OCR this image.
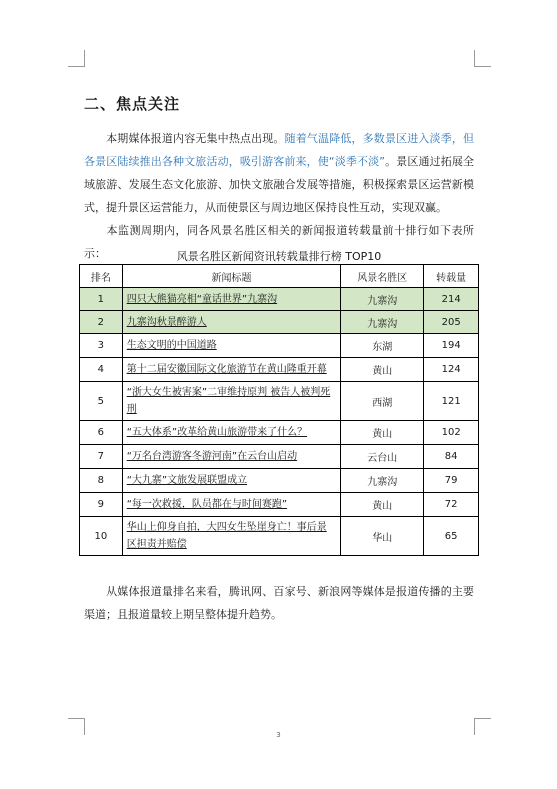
二、焦点关注
本期媒体报道内容无集中热点出现。随着气温降低，多数景区进入淡季，但各景区陆续推出各种文旅活动，吸引游客前来，使“淡季不淡”。景区通过拓展全域旅游、发展生态文化旅游、加快文旅融合发展等措施，积极探索景区运营新模式，提升景区运营能力，从而使景区与周边地区保持良性互动，实现双赢。
本监测周期内，同各风景名胜区相关的新闻报道转载量前十排行如下表所示：	风景名胜区新闻资讯转载量排行榜 TOP10
排名	新闻标题	风景名胜区	转载量
1	四只大熊猫亮相“童话世界”九寨沟	九寨沟	214
2	九寨沟秋景醉游人	九寨沟	205
3	生态文明的中国道路	东湖	194
4	第十二届安徽国际文化旅游节在黄山隆重开幕	黄山	124
5	“浙大女生被害案”二审维持原判 被告人被判死刑	西湖	121
6	“五大体系”改革给黄山旅游带来了什么？	黄山	102
7	“万名台湾游客冬游河南”在云台山启动	云台山	84
8	“大九寨”文旅发展联盟成立	九寨沟	79
9	“每一次救援，队员都在与时间赛跑”	黄山	72
10	华山上仰身自拍，大四女生坠崖身亡！事后景区担责并赔偿	华山	65
从媒体报道量排名来看，腾讯网、百家号、新浪网等媒体是报道传播的主要渠道；且报道量较上期呈整体提升趋势。
3
